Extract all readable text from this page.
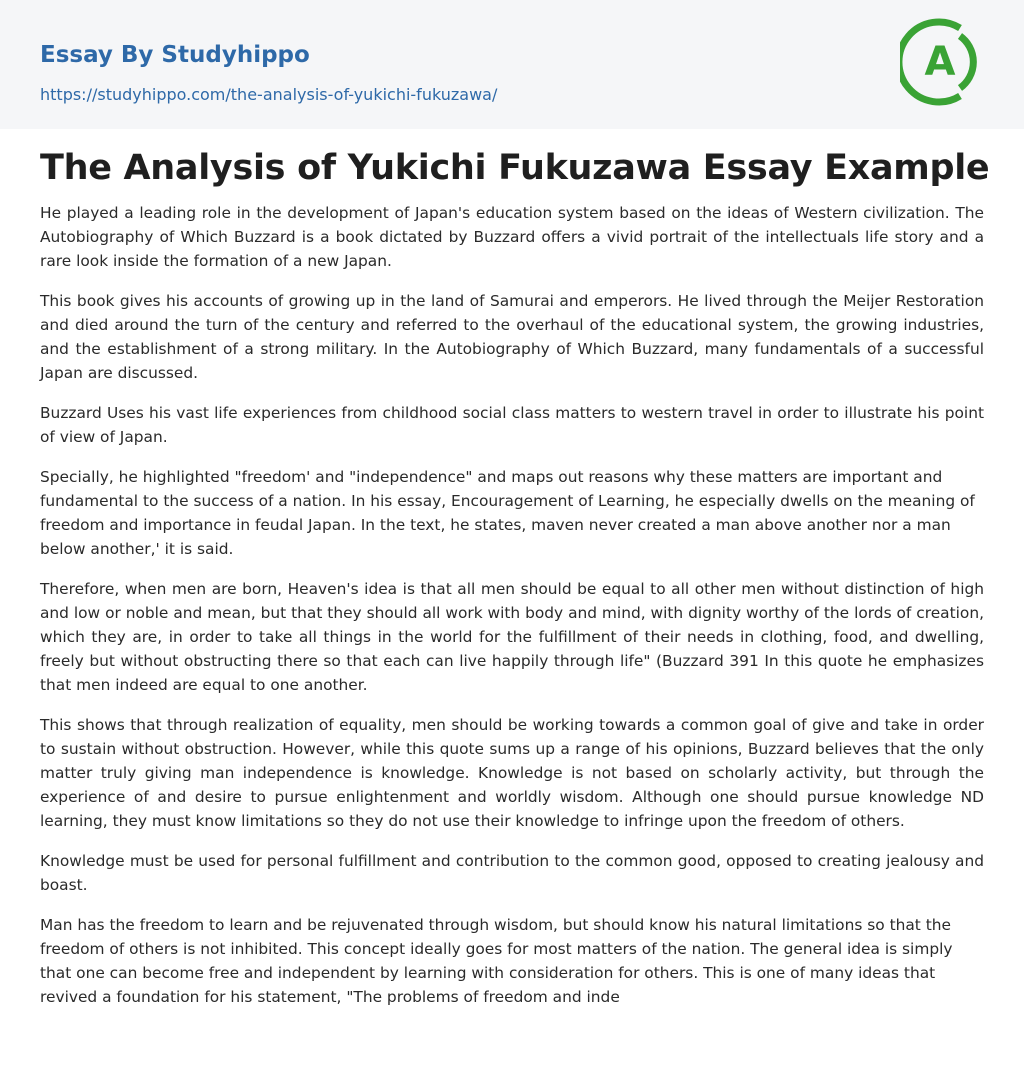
Essay By Studyhippo
https://studyhippo.com/the-analysis-of-yukichi-fukuzawa/
A
The Analysis of Yukichi Fukuzawa Essay Example

He played a leading role in the development of Japan's education system based on the ideas of Western civilization. The Autobiography of Which Buzzard is a book dictated by Buzzard offers a vivid portrait of the intellectuals life story and a rare look inside the formation of a new Japan.

This book gives his accounts of growing up in the land of Samurai and emperors. He lived through the Meijer Restoration and died around the turn of the century and referred to the overhaul of the educational system, the growing industries, and the establishment of a strong military. In the Autobiography of Which Buzzard, many fundamentals of a successful Japan are discussed.

Buzzard Uses his vast life experiences from childhood social class matters to western travel in order to illustrate his point of view of Japan.

Specially, he highlighted "freedom' and "independence" and maps out reasons why these matters are important and fundamental to the success of a nation. In his essay, Encouragement of Learning, he especially dwells on the meaning of freedom and importance in feudal Japan. In the text, he states, maven never created a man above another nor a man below another,' it is said.

Therefore, when men are born, Heaven's idea is that all men should be equal to all other men without distinction of high and low or noble and mean, but that they should all work with body and mind, with dignity worthy of the lords of creation, which they are, in order to take all things in the world for the fulfillment of their needs in clothing, food, and dwelling, freely but without obstructing there so that each can live happily through life" (Buzzard 391 In this quote he emphasizes that men indeed are equal to one another.

This shows that through realization of equality, men should be working towards a common goal of give and take in order to sustain without obstruction. However, while this quote sums up a range of his opinions, Buzzard believes that the only matter truly giving man independence is knowledge. Knowledge is not based on scholarly activity, but through the experience of and desire to pursue enlightenment and worldly wisdom. Although one should pursue knowledge ND learning, they must know limitations so they do not use their knowledge to infringe upon the freedom of others.

Knowledge must be used for personal fulfillment and contribution to the common good, opposed to creating jealousy and boast.

Man has the freedom to learn and be rejuvenated through wisdom, but should know his natural limitations so that the freedom of others is not inhibited. This concept ideally goes for most matters of the nation. The general idea is simply that one can become free and independent by learning with consideration for others. This is one of many ideas that revived a foundation for his statement, "The problems of freedom and inde
